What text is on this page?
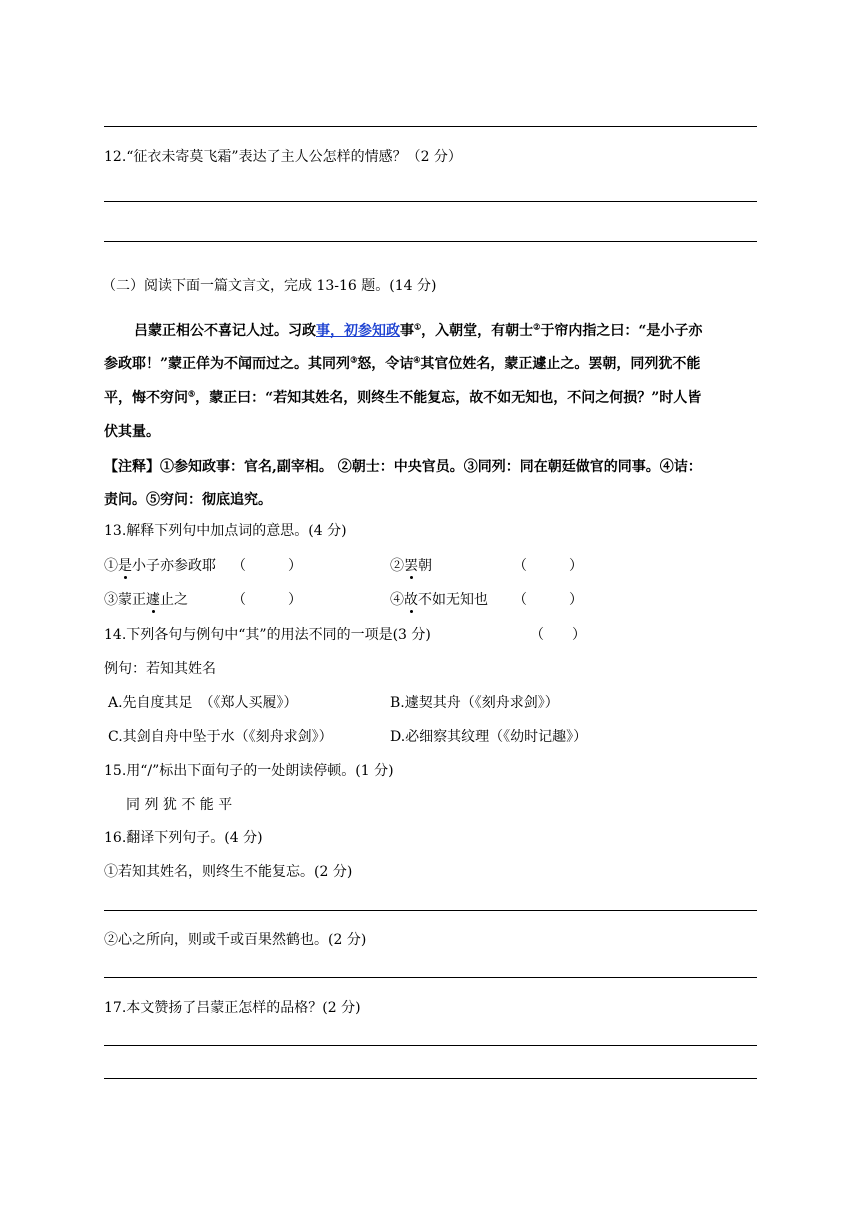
12.“征衣未寄莫飞霜”表达了主人公怎样的情感？（2 分）
（二）阅读下面一篇文言文，完成 13-16 题。(14 分)
吕蒙正相公不喜记人过。习政事，初参知政事①，入朝堂，有朝士②于帘内指之曰：“是小子亦
参政耶！”蒙正佯为不闻而过之。其同列③怒，令诘④其官位姓名，蒙正遽止之。罢朝，同列犹不能
平，悔不穷问⑤，蒙正曰：“若知其姓名，则终生不能复忘，故不如无知也，不问之何损？”时人皆
伏其量。
【注释】①参知政事：官名,副宰相。 ②朝士：中央官员。③同列：同在朝廷做官的同事。④诘：
责问。⑤穷问：彻底追究。
13.解释下列句中加点词的意思。(4 分)
①是小子亦参政耶 （　　　）	②罢朝	（　　　）
③蒙正遽止之	（　　　）	④故不如无知也 （　　　）
14.下列各句与例句中“其”的用法不同的一项是(3 分)	（　　）
例句：若知其姓名
A.先自度其足　（《郑人买履》）	B.遽契其舟（《刻舟求剑》）
C.其剑自舟中坠于水（《刻舟求剑》）	D.必细察其纹理（《幼时记趣》）
15.用“/”标出下面句子的一处朗读停顿。(1 分)
同 列 犹 不 能 平
16.翻译下列句子。(4 分)
①若知其姓名，则终生不能复忘。(2 分)
②心之所向，则或千或百果然鹤也。(2 分)
17.本文赞扬了吕蒙正怎样的品格？(2 分)
